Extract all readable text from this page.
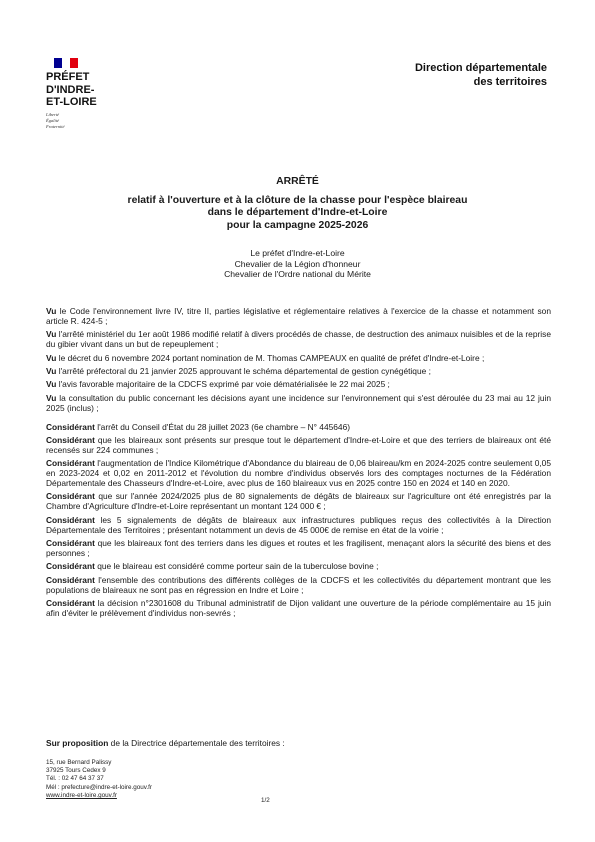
PRÉFET
D'INDRE-
ET-LOIRE
Liberté
Égalité
Fraternité
Direction départementale
des territoires
ARRÊTÉ
relatif à l'ouverture et à la clôture de la chasse pour l'espèce blaireau
dans le département d'Indre-et-Loire
pour la campagne 2025-2026
Le préfet d'Indre-et-Loire
Chevalier de la Légion d'honneur
Chevalier de l'Ordre national du Mérite

Vu le Code l'environnement livre IV, titre II, parties législative et réglementaire relatives à l'exercice de la chasse et notamment son article R. 424-5 ;

Vu l'arrêté ministériel du 1er août 1986 modifié relatif à divers procédés de chasse, de destruction des animaux nuisibles et de la reprise du gibier vivant dans un but de repeuplement ;

Vu le décret du 6 novembre 2024 portant nomination de M. Thomas CAMPEAUX en qualité de préfet d'Indre-et-Loire ;

Vu l'arrêté préfectoral du 21 janvier 2025 approuvant le schéma départemental de gestion cynégétique ;

Vu l'avis favorable majoritaire de la CDCFS exprimé par voie dématérialisée le 22 mai 2025 ;

Vu la consultation du public concernant les décisions ayant une incidence sur l'environnement qui s'est déroulée du 23 mai au 12 juin 2025 (inclus) ;

Considérant l'arrêt du Conseil d'État du 28 juillet 2023 (6e chambre – N° 445646)

Considérant que les blaireaux sont présents sur presque tout le département d'Indre-et-Loire et que des terriers de blaireaux ont été recensés sur 224 communes ;

Considérant l'augmentation de l'Indice Kilométrique d'Abondance du blaireau de 0,06 blaireau/km en 2024-2025 contre seulement 0,05 en 2023-2024 et 0,02 en 2011-2012 et l'évolution du nombre d'individus observés lors des comptages nocturnes de la Fédération Départementale des Chasseurs d'Indre-et-Loire, avec plus de 160 blaireaux vus en 2025 contre 150 en 2024 et 140 en 2020.

Considérant que sur l'année 2024/2025 plus de 80 signalements de dégâts de blaireaux sur l'agriculture ont été enregistrés par la Chambre d'Agriculture d'Indre-et-Loire représentant un montant 124 000 € ;

Considérant les 5 signalements de dégâts de blaireaux aux infrastructures publiques reçus des collectivités à la Direction Départementale des Territoires ; présentant notamment un devis de 45 000€ de remise en état de la voirie ;

Considérant que les blaireaux font des terriers dans les digues et routes et les fragilisent, menaçant alors la sécurité des biens et des personnes ;

Considérant que le blaireau est considéré comme porteur sain de la tuberculose bovine ;

Considérant l'ensemble des contributions des différents collèges de la CDCFS et les collectivités du département montrant que les populations de blaireaux ne sont pas en régression en Indre et Loire ;

Considérant la décision n°2301608 du Tribunal administratif de Dijon validant une ouverture de la période complémentaire au 15 juin afin d'éviter le prélèvement d'individus non-sevrés ;

Sur proposition de la Directrice départementale des territoires :
15, rue Bernard Palissy
37925 Tours Cedex 9
Tél. : 02 47 64 37 37
Mél : prefecture@indre-et-loire.gouv.fr
www.indre-et-loire.gouv.fr
1/2
